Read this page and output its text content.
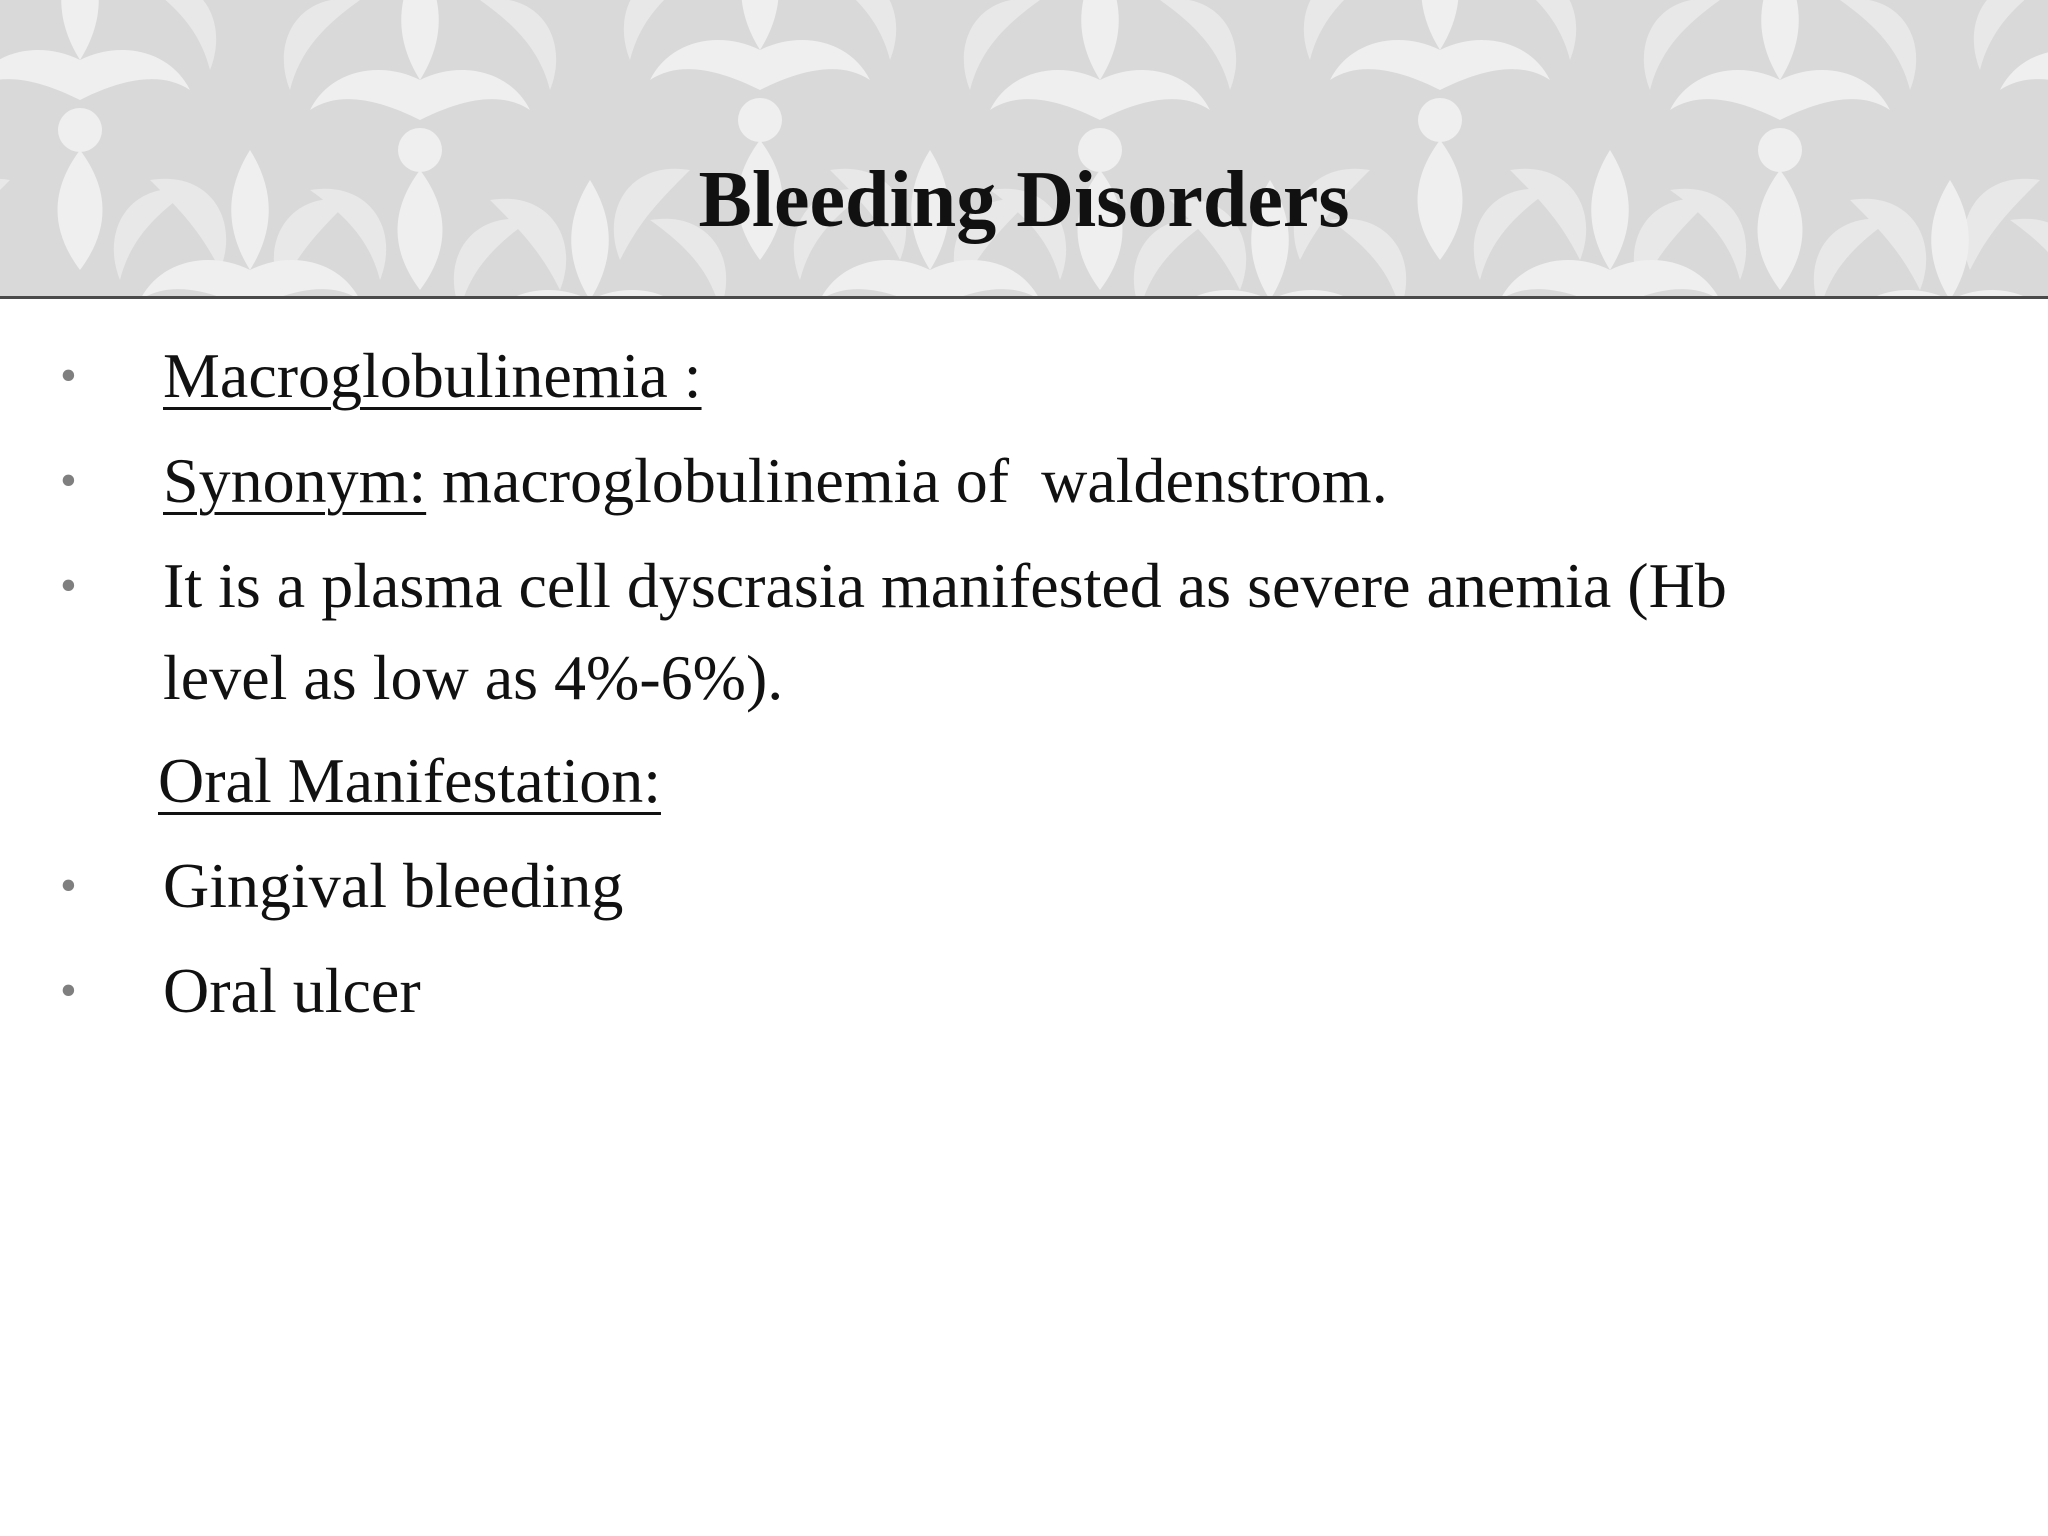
Bleeding Disorders
•	Macroglobulinemia :
•	Synonym: macroglobulinemia of  waldenstrom.
•	It is a plasma cell dyscrasia manifested as severe anemia (Hb
level as low as 4%-6%).
Oral Manifestation:
•	Gingival bleeding
•	Oral ulcer
